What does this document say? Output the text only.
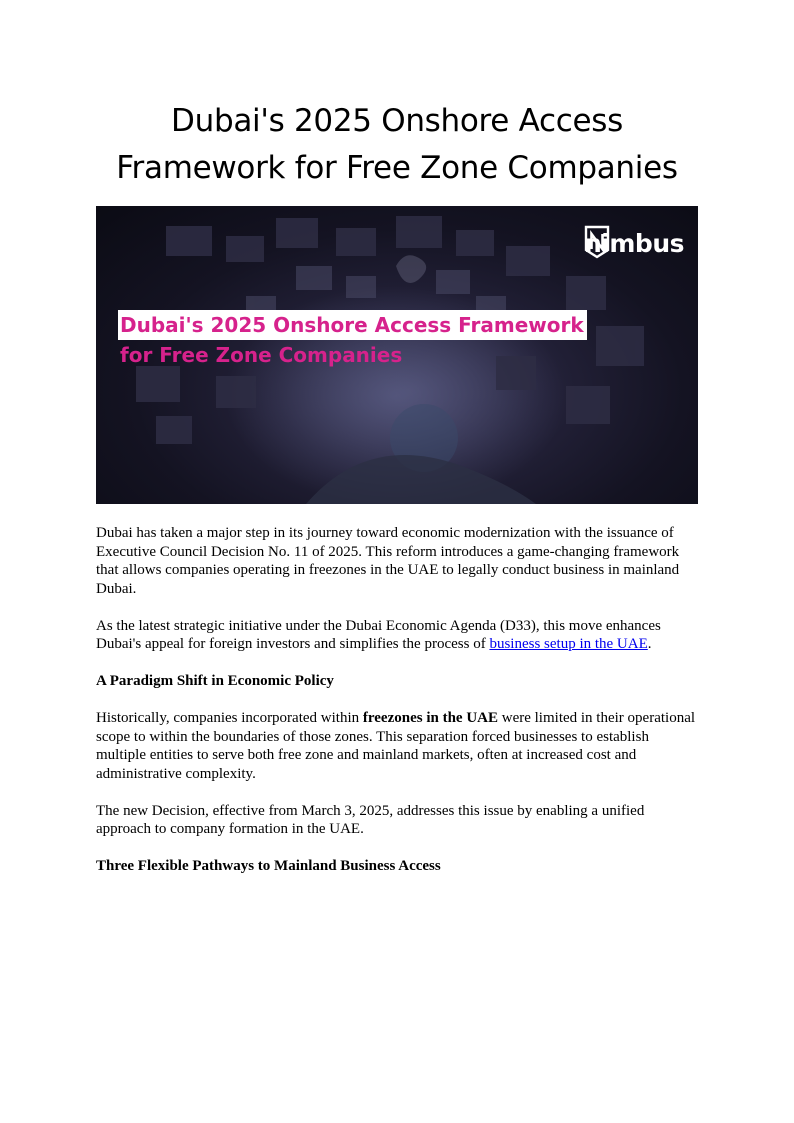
Dubai's 2025 Onshore Access
Framework for Free Zone Companies
nimbus
Dubai's 2025 Onshore Access Framework
for Free Zone Companies

Dubai has taken a major step in its journey toward economic modernization with the issuance of Executive Council Decision No. 11 of 2025. This reform introduces a game-changing framework that allows companies operating in freezones in the UAE to legally conduct business in mainland Dubai.

As the latest strategic initiative under the Dubai Economic Agenda (D33), this move enhances Dubai's appeal for foreign investors and simplifies the process of business setup in the UAE.

A Paradigm Shift in Economic Policy

Historically, companies incorporated within freezones in the UAE were limited in their operational scope to within the boundaries of those zones. This separation forced businesses to establish multiple entities to serve both free zone and mainland markets, often at increased cost and administrative complexity.

The new Decision, effective from March 3, 2025, addresses this issue by enabling a unified approach to company formation in the UAE.

Three Flexible Pathways to Mainland Business Access
